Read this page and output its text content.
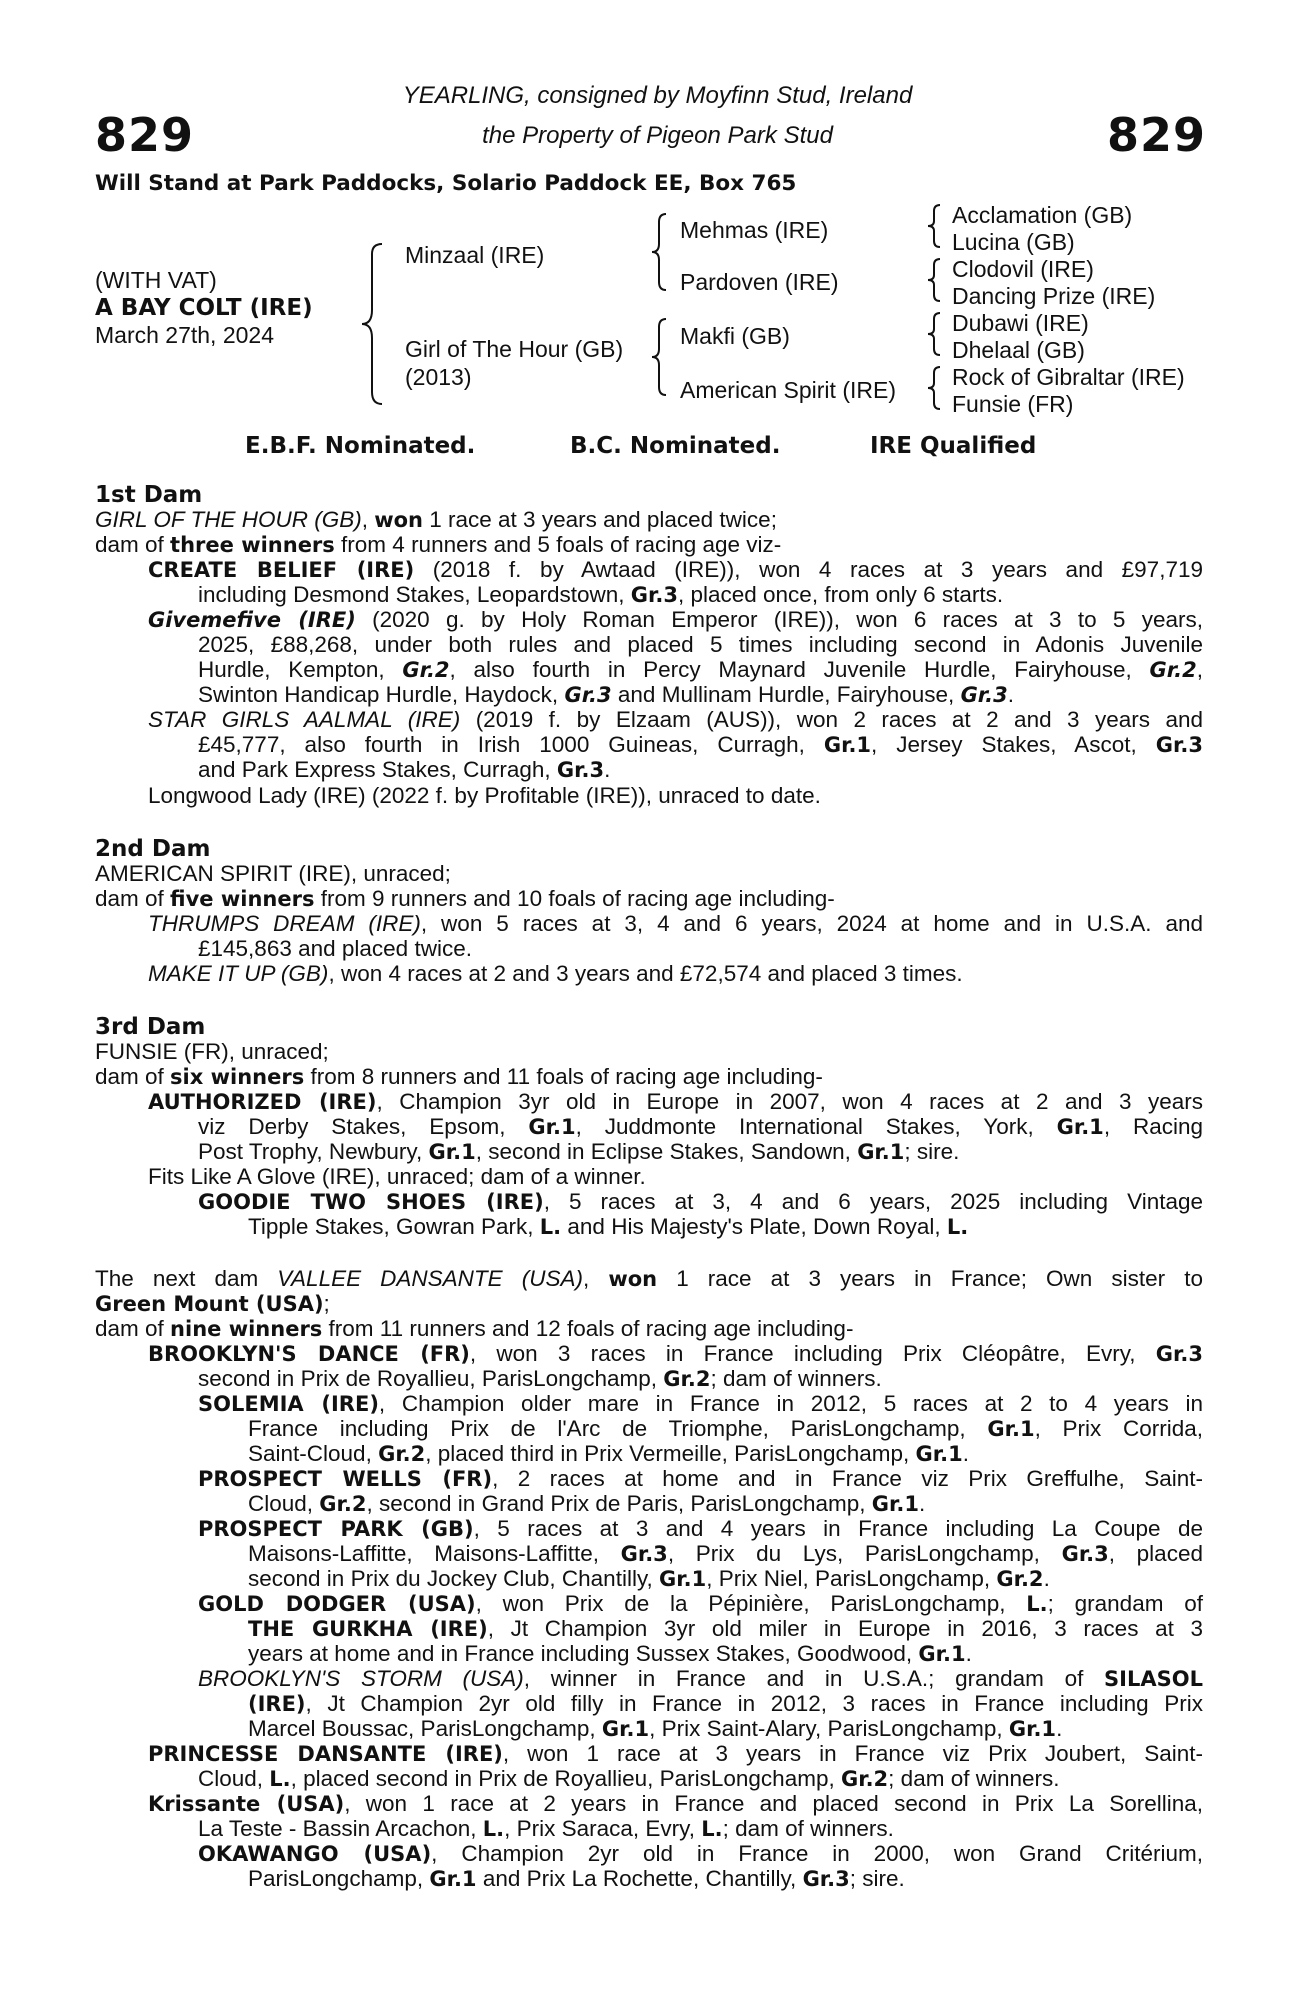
829	829
YEARLING, consigned by Moyfinn Stud, Ireland
the Property of Pigeon Park Stud
Will Stand at Park Paddocks, Solario Paddock EE, Box 765
(WITH VAT)
A BAY COLT (IRE)
March 27th, 2024
Minzaal (IRE)
Girl of The Hour (GB)
(2013)
Mehmas (IRE)
Pardoven (IRE)
Makfi (GB)
American Spirit (IRE)
Acclamation (GB)
Lucina (GB)
Clodovil (IRE)
Dancing Prize (IRE)
Dubawi (IRE)
Dhelaal (GB)
Rock of Gibraltar (IRE)
Funsie (FR)
E.B.F. Nominated.	B.C. Nominated.	IRE Qualified
1st Dam
GIRL OF THE HOUR (GB), won 1 race at 3 years and placed twice;
dam of three winners from 4 runners and 5 foals of racing age viz-
CREATE BELIEF (IRE) (2018 f. by Awtaad (IRE)), won 4 races at 3 years and £97,719
including Desmond Stakes, Leopardstown, Gr.3, placed once, from only 6 starts.
Givemefive (IRE) (2020 g. by Holy Roman Emperor (IRE)), won 6 races at 3 to 5 years,
2025, £88,268, under both rules and placed 5 times including second in Adonis Juvenile
Hurdle, Kempton, Gr.2, also fourth in Percy Maynard Juvenile Hurdle, Fairyhouse, Gr.2,
Swinton Handicap Hurdle, Haydock, Gr.3 and Mullinam Hurdle, Fairyhouse, Gr.3.
STAR GIRLS AALMAL (IRE) (2019 f. by Elzaam (AUS)), won 2 races at 2 and 3 years and
£45,777, also fourth in Irish 1000 Guineas, Curragh, Gr.1, Jersey Stakes, Ascot, Gr.3
and Park Express Stakes, Curragh, Gr.3.
Longwood Lady (IRE) (2022 f. by Profitable (IRE)), unraced to date.
2nd Dam
AMERICAN SPIRIT (IRE), unraced;
dam of five winners from 9 runners and 10 foals of racing age including-
THRUMPS DREAM (IRE), won 5 races at 3, 4 and 6 years, 2024 at home and in U.S.A. and
£145,863 and placed twice.
MAKE IT UP (GB), won 4 races at 2 and 3 years and £72,574 and placed 3 times.
3rd Dam
FUNSIE (FR), unraced;
dam of six winners from 8 runners and 11 foals of racing age including-
AUTHORIZED (IRE), Champion 3yr old in Europe in 2007, won 4 races at 2 and 3 years
viz Derby Stakes, Epsom, Gr.1, Juddmonte International Stakes, York, Gr.1, Racing
Post Trophy, Newbury, Gr.1, second in Eclipse Stakes, Sandown, Gr.1; sire.
Fits Like A Glove (IRE), unraced; dam of a winner.
GOODIE TWO SHOES (IRE), 5 races at 3, 4 and 6 years, 2025 including Vintage
Tipple Stakes, Gowran Park, L. and His Majesty's Plate, Down Royal, L.
The next dam VALLEE DANSANTE (USA), won 1 race at 3 years in France; Own sister to
Green Mount (USA);
dam of nine winners from 11 runners and 12 foals of racing age including-
BROOKLYN'S DANCE (FR), won 3 races in France including Prix Cléopâtre, Evry, Gr.3
second in Prix de Royallieu, ParisLongchamp, Gr.2; dam of winners.
SOLEMIA (IRE), Champion older mare in France in 2012, 5 races at 2 to 4 years in
France including Prix de l'Arc de Triomphe, ParisLongchamp, Gr.1, Prix Corrida,
Saint-Cloud, Gr.2, placed third in Prix Vermeille, ParisLongchamp, Gr.1.
PROSPECT WELLS (FR), 2 races at home and in France viz Prix Greffulhe, Saint-
Cloud, Gr.2, second in Grand Prix de Paris, ParisLongchamp, Gr.1.
PROSPECT PARK (GB), 5 races at 3 and 4 years in France including La Coupe de
Maisons-Laffitte, Maisons-Laffitte, Gr.3, Prix du Lys, ParisLongchamp, Gr.3, placed
second in Prix du Jockey Club, Chantilly, Gr.1, Prix Niel, ParisLongchamp, Gr.2.
GOLD DODGER (USA), won Prix de la Pépinière, ParisLongchamp, L.; grandam of
THE GURKHA (IRE), Jt Champion 3yr old miler in Europe in 2016, 3 races at 3
years at home and in France including Sussex Stakes, Goodwood, Gr.1.
BROOKLYN'S STORM (USA), winner in France and in U.S.A.; grandam of SILASOL
(IRE), Jt Champion 2yr old filly in France in 2012, 3 races in France including Prix
Marcel Boussac, ParisLongchamp, Gr.1, Prix Saint-Alary, ParisLongchamp, Gr.1.
PRINCESSE DANSANTE (IRE), won 1 race at 3 years in France viz Prix Joubert, Saint-
Cloud, L., placed second in Prix de Royallieu, ParisLongchamp, Gr.2; dam of winners.
Krissante (USA), won 1 race at 2 years in France and placed second in Prix La Sorellina,
La Teste - Bassin Arcachon, L., Prix Saraca, Evry, L.; dam of winners.
OKAWANGO (USA), Champion 2yr old in France in 2000, won Grand Critérium,
ParisLongchamp, Gr.1 and Prix La Rochette, Chantilly, Gr.3; sire.
